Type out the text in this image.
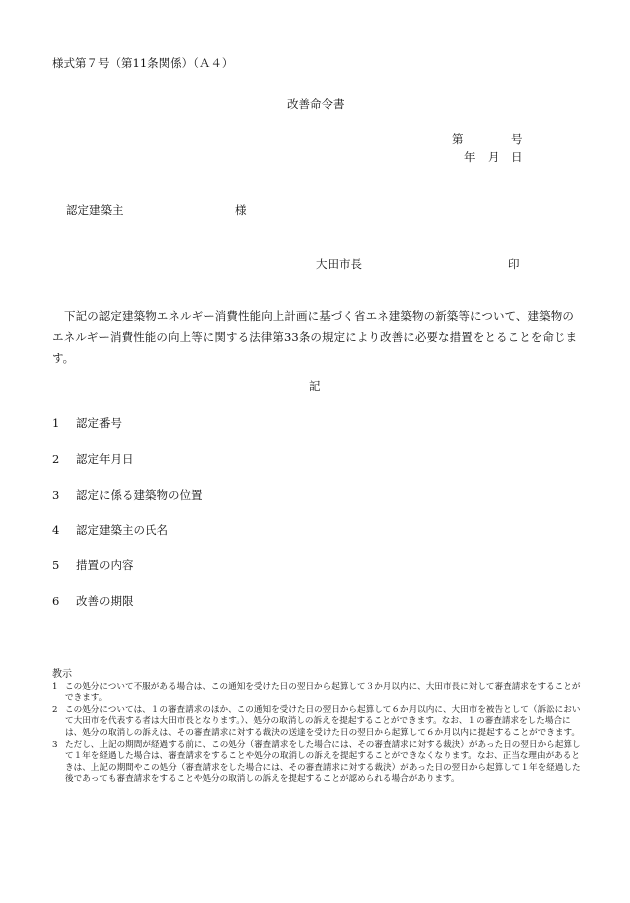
様式第７号（第11条関係）（Ａ４）
改善命令書
第	号
年 月 日
認定建築主	様
大田市長	印

下記の認定建築物エネルギー消費性能向上計画に基づく省エネ建築物の新築等について、建築物のエネルギー消費性能の向上等に関する法律第33条の規定により改善に必要な措置をとることを命じます。

記
1 認定番号
2 認定年月日
3 認定に係る建築物の位置
4 認定建築主の氏名
5 措置の内容
6 改善の期限
教示
1 この処分について不服がある場合は、この通知を受けた日の翌日から起算して３か月以内に、大田市長に対して審査請求をすることができます。
2 この処分については、１の審査請求のほか、この通知を受けた日の翌日から起算して６か月以内に、大田市を被告として（訴訟において大田市を代表する者は大田市長となります。）、処分の取消しの訴えを提起することができます。なお、１の審査請求をした場合には、処分の取消しの訴えは、その審査請求に対する裁決の送達を受けた日の翌日から起算して６か月以内に提起することができます。
3 ただし、上記の期間が経過する前に、この処分（審査請求をした場合には、その審査請求に対する裁決）があった日の翌日から起算して１年を経過した場合は、審査請求をすることや処分の取消しの訴えを提起することができなくなります。なお、正当な理由があるときは、上記の期間やこの処分（審査請求をした場合には、その審査請求に対する裁決）があった日の翌日から起算して１年を経過した後であっても審査請求をすることや処分の取消しの訴えを提起することが認められる場合があります。
